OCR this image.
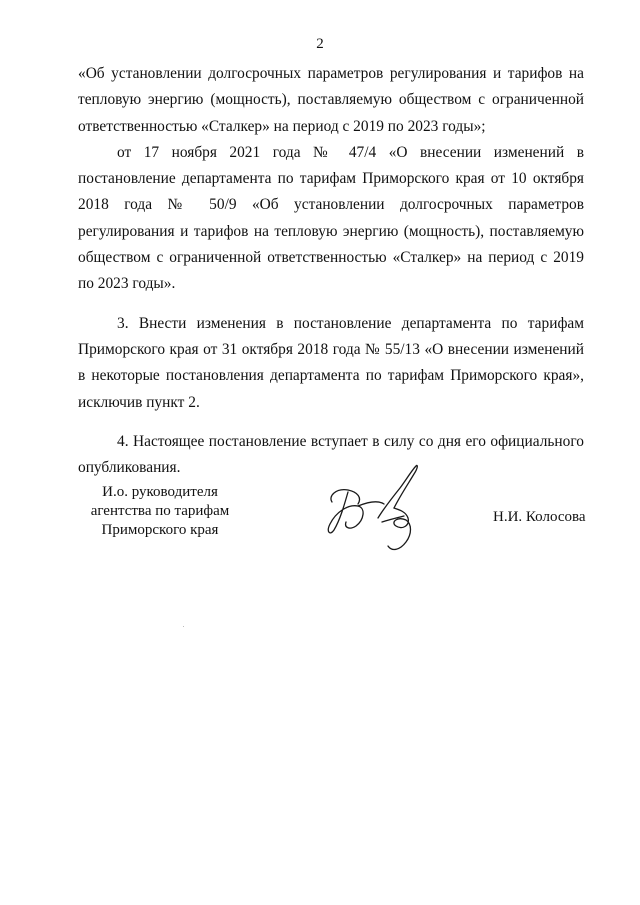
2

«Об установлении долгосрочных параметров регулирования и тарифов на тепловую энергию (мощность), поставляемую обществом с ограниченной ответственностью «Сталкер» на период с 2019 по 2023 годы»;

от 17 ноября 2021 года № 47/4 «О внесении изменений в постановление департамента по тарифам Приморского края от 10 октября 2018 года № 50/9 «Об установлении долгосрочных параметров регулирования и тарифов на тепловую энергию (мощность), поставляемую обществом с ограниченной ответственностью «Сталкер» на период с 2019 по 2023 годы».

3. Внести изменения в постановление департамента по тарифам Приморского края от 31 октября 2018 года № 55/13 «О внесении изменений в некоторые постановления департамента по тарифам Приморского края», исключив пункт 2.

4. Настоящее постановление вступает в силу со дня его официального опубликования.

И.о. руководителя
агентства по тарифам
Приморского края
Н.И. Колосова
